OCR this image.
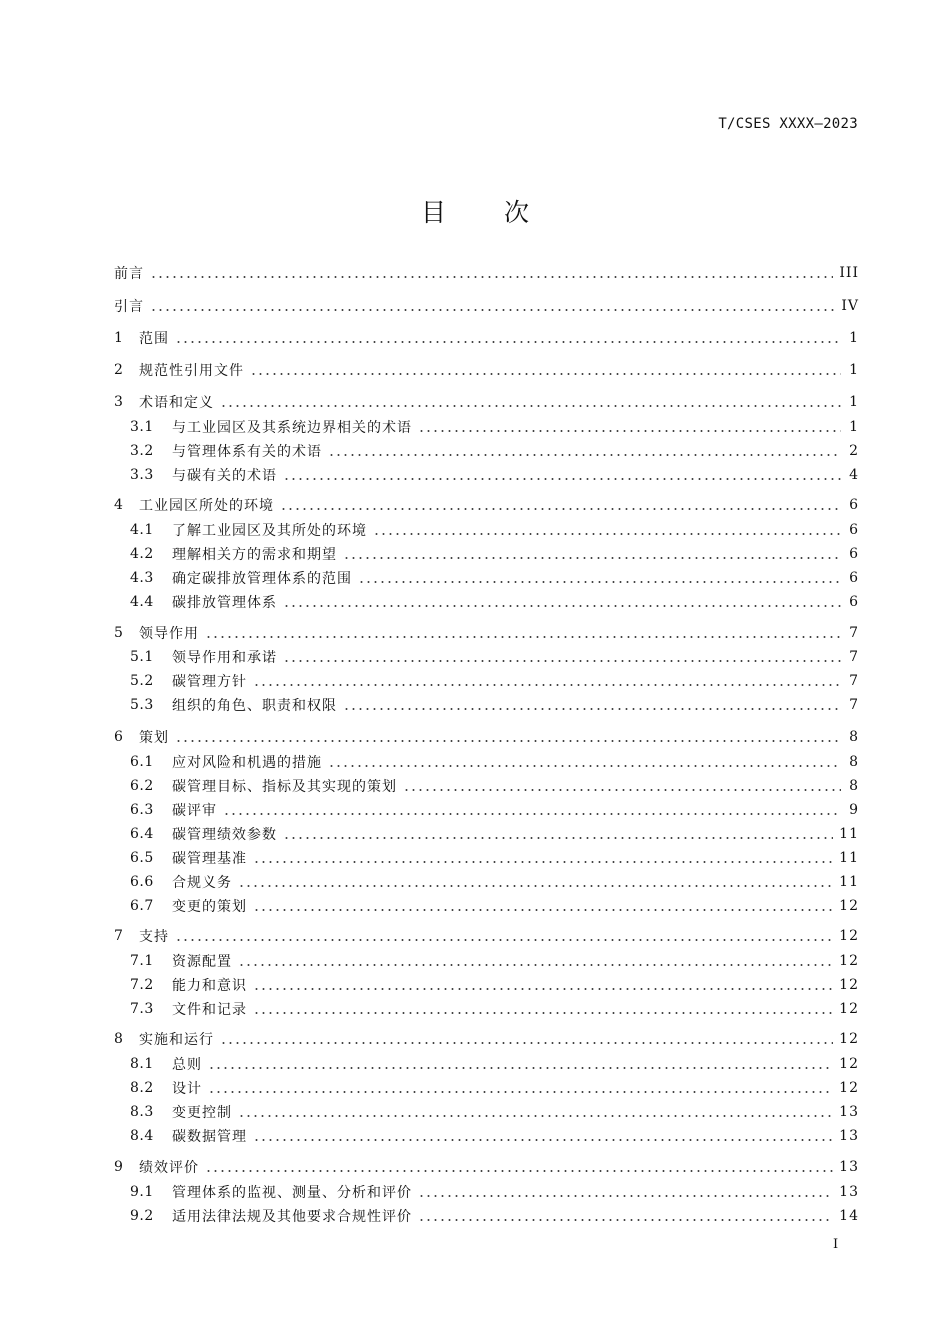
T/CSES XXXX—2023
目次
前言	III
引言	IV
1	范围	1
2	规范性引用文件	1
3	术语和定义	1
3.1	与工业园区及其系统边界相关的术语	1
3.2	与管理体系有关的术语	2
3.3	与碳有关的术语	4
4	工业园区所处的环境	6
4.1	了解工业园区及其所处的环境	6
4.2	理解相关方的需求和期望	6
4.3	确定碳排放管理体系的范围	6
4.4	碳排放管理体系	6
5	领导作用	7
5.1	领导作用和承诺	7
5.2	碳管理方针	7
5.3	组织的角色、职责和权限	7
6	策划	8
6.1	应对风险和机遇的措施	8
6.2	碳管理目标、指标及其实现的策划	8
6.3	碳评审	9
6.4	碳管理绩效参数	11
6.5	碳管理基准	11
6.6	合规义务	11
6.7	变更的策划	12
7	支持	12
7.1	资源配置	12
7.2	能力和意识	12
7.3	文件和记录	12
8	实施和运行	12
8.1	总则	12
8.2	设计	12
8.3	变更控制	13
8.4	碳数据管理	13
9	绩效评价	13
9.1	管理体系的监视、测量、分析和评价	13
9.2	适用法律法规及其他要求合规性评价	14
I
